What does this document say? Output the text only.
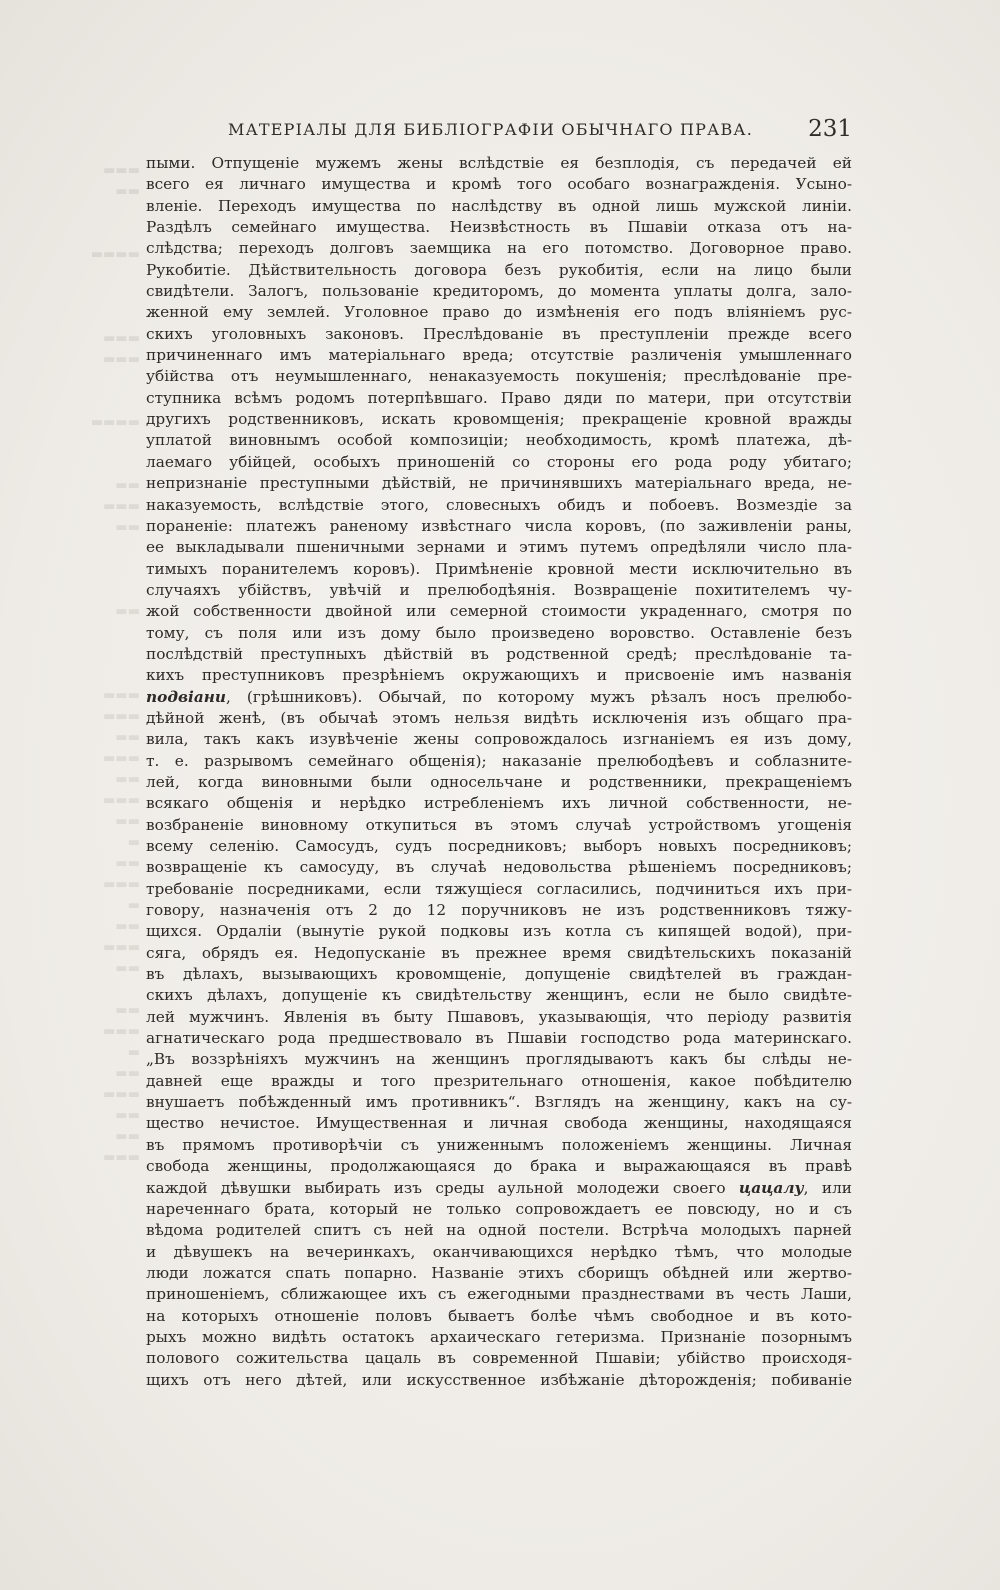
▬▬▬
▬▬

▬▬▬▬

▬▬▬
▬▬▬

▬▬▬▬

▬▬
▬▬▬
▬▬

▬▬

▬▬▬
▬▬▬
▬▬
▬▬▬
▬▬
▬▬▬
▬▬
▬
▬▬
▬▬▬
▬
▬▬
▬▬▬
▬▬

▬▬
▬▬▬
▬
▬▬
▬▬▬
▬▬
▬▬
▬▬▬
МАТЕРІАЛЫ ДЛЯ БИБЛІОГРАФІИ ОБЫЧНАГО ПРАВА. 231
пыми. Отпущеніе мужемъ жены вслѣдствіе ея безплодія, съ передачей ей
всего ея личнаго имущества и кромѣ того особаго вознагражденія. Усыно-
вленіе. Переходъ имущества по наслѣдству въ одной лишь мужской линіи.
Раздѣлъ семейнаго имущества. Неизвѣстность въ Пшавіи отказа отъ на-
слѣдства; переходъ долговъ заемщика на его потомство. Договорное право.
Рукобитіе. Дѣйствительность договора безъ рукобитія, если на лицо были
свидѣтели. Залогъ, пользованіе кредиторомъ, до момента уплаты долга, зало-
женной ему землей. Уголовное право до измѣненія его подъ вліяніемъ рус-
скихъ уголовныхъ законовъ. Преслѣдованіе въ преступленіи прежде всего
причиненнаго имъ матеріальнаго вреда; отсутствіе различенія умышленнаго
убійства отъ неумышленнаго, ненаказуемость покушенія; преслѣдованіе пре-
ступника всѣмъ родомъ потерпѣвшаго. Право дяди по матери, при отсутствіи
другихъ родственниковъ, искать кровомщенія; прекращеніе кровной вражды
уплатой виновнымъ особой композиціи; необходимость, кромѣ платежа, дѣ-
лаемаго убійцей, особыхъ приношеній со стороны его рода роду убитаго;
непризнаніе преступными дѣйствій, не причинявшихъ матеріальнаго вреда, не-
наказуемость, вслѣдствіе этого, словесныхъ обидъ и побоевъ. Возмездіе за
пораненіе: платежъ раненому извѣстнаго числа коровъ, (по заживленіи раны,
ее выкладывали пшеничными зернами и этимъ путемъ опредѣляли число пла-
тимыхъ поранителемъ коровъ). Примѣненіе кровной мести исключительно въ
случаяхъ убійствъ, увѣчій и прелюбодѣянія. Возвращеніе похитителемъ чу-
жой собственности двойной или семерной стоимости украденнаго, смотря по
тому, съ поля или изъ дому было произведено воровство. Оставленіе безъ
послѣдствій преступныхъ дѣйствій въ родственной средѣ; преслѣдованіе та-
кихъ преступниковъ презрѣніемъ окружающихъ и присвоеніе имъ названія
подвіани, (грѣшниковъ). Обычай, по которому мужъ рѣзалъ носъ прелюбо-
дѣйной женѣ, (въ обычаѣ этомъ нельзя видѣть исключенія изъ общаго пра-
вила, такъ какъ изувѣченіе жены сопровождалось изгнаніемъ ея изъ дому,
т. е. разрывомъ семейнаго общенія); наказаніе прелюбодѣевъ и соблазните-
лей, когда виновными были односельчане и родственники, прекращеніемъ
всякаго общенія и нерѣдко истребленіемъ ихъ личной собственности, не-
возбраненіе виновному откупиться въ этомъ случаѣ устройствомъ угощенія
всему селенію. Самосудъ, судъ посредниковъ; выборъ новыхъ посредниковъ;
возвращеніе къ самосуду, въ случаѣ недовольства рѣшеніемъ посредниковъ;
требованіе посредниками, если тяжущіеся согласились, подчиниться ихъ при-
говору, назначенія отъ 2 до 12 поручниковъ не изъ родственниковъ тяжу-
щихся. Ордаліи (вынутіе рукой подковы изъ котла съ кипящей водой), при-
сяга, обрядъ ея. Недопусканіе въ прежнее время свидѣтельскихъ показаній
въ дѣлахъ, вызывающихъ кровомщеніе, допущеніе свидѣтелей въ граждан-
скихъ дѣлахъ, допущеніе къ свидѣтельству женщинъ, если не было свидѣте-
лей мужчинъ. Явленія въ быту Пшавовъ, указывающія, что періоду развитія
агнатическаго рода предшествовало въ Пшавіи господство рода материнскаго.
„Въ воззрѣніяхъ мужчинъ на женщинъ проглядываютъ какъ бы слѣды не-
давней еще вражды и того презрительнаго отношенія, какое побѣдителю
внушаетъ побѣжденный имъ противникъ“. Взглядъ на женщину, какъ на су-
щество нечистое. Имущественная и личная свобода женщины, находящаяся
въ прямомъ противорѣчіи съ униженнымъ положеніемъ женщины. Личная
свобода женщины, продолжающаяся до брака и выражающаяся въ правѣ
каждой дѣвушки выбирать изъ среды аульной молодежи своего цацалу, или
нареченнаго брата, который не только сопровождаетъ ее повсюду, но и съ
вѣдома родителей спитъ съ ней на одной постели. Встрѣча молодыхъ парней
и дѣвушекъ на вечеринкахъ, оканчивающихся нерѣдко тѣмъ, что молодые
люди ложатся спать попарно. Названіе этихъ сборищъ обѣдней или жертво-
приношеніемъ, сближающее ихъ съ ежегодными празднествами въ честь Лаши,
на которыхъ отношеніе половъ бываетъ болѣе чѣмъ свободное и въ кото-
рыхъ можно видѣть остатокъ архаическаго гетеризма. Признаніе позорнымъ
полового сожительства цацаль въ современной Пшавіи; убійство происходя-
щихъ отъ него дѣтей, или искусственное избѣжаніе дѣторожденія; побиваніе
